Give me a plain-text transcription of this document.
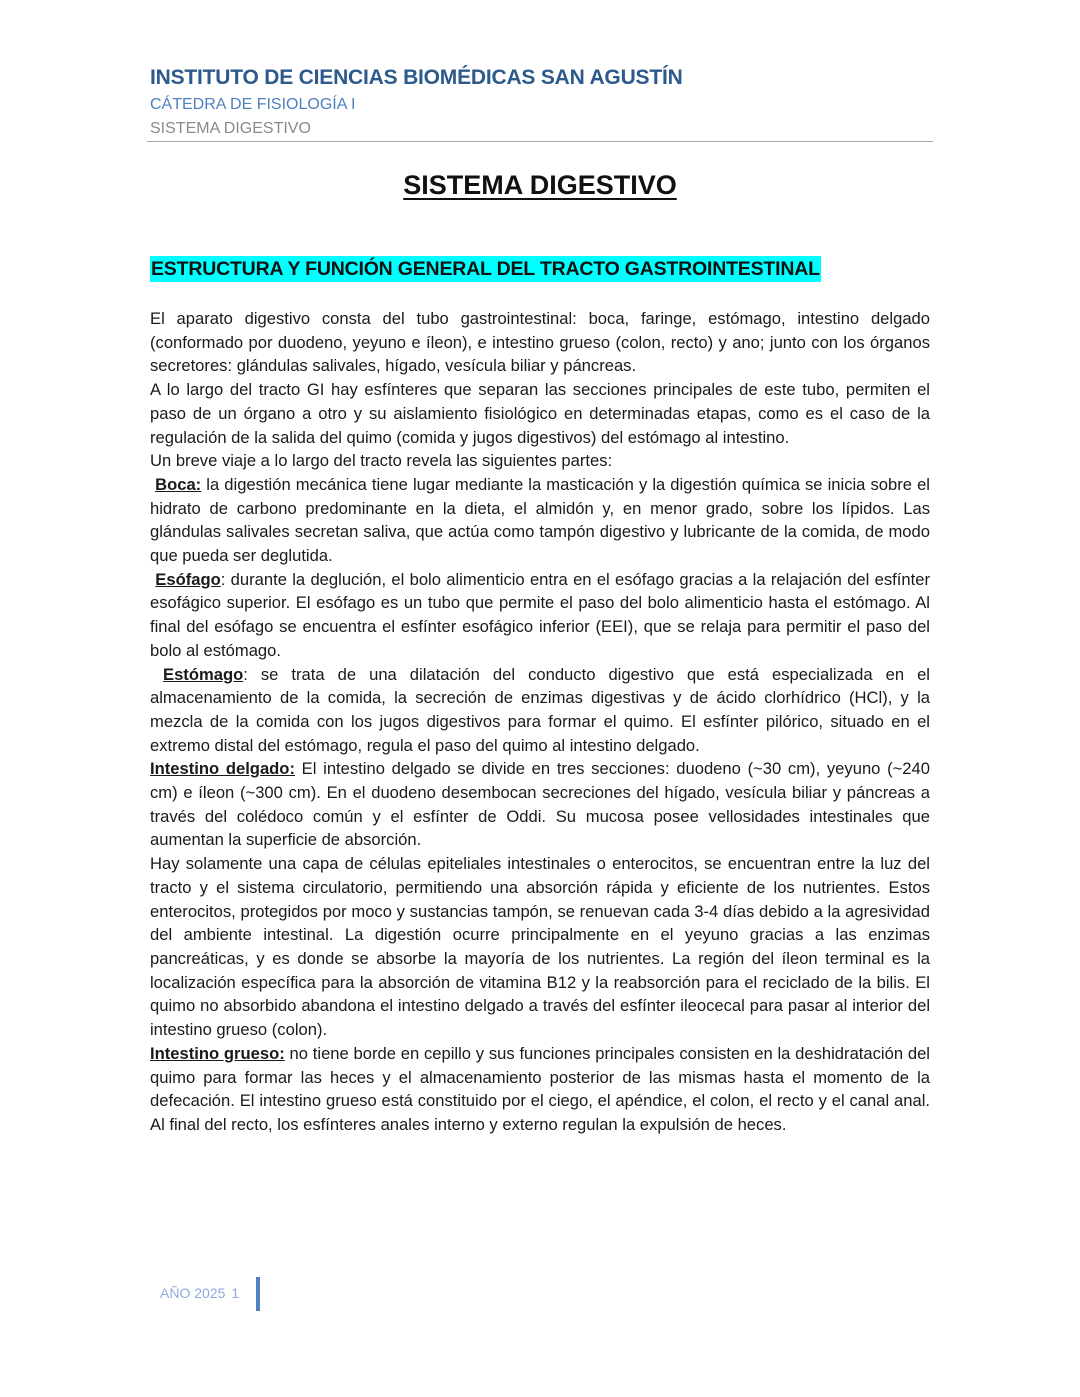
INSTITUTO DE CIENCIAS BIOMÉDICAS SAN AGUSTÍN
CÁTEDRA DE FISIOLOGÍA I
SISTEMA DIGESTIVO
SISTEMA DIGESTIVO
ESTRUCTURA Y FUNCIÓN GENERAL DEL TRACTO GASTROINTESTINAL

El aparato digestivo consta del tubo gastrointestinal: boca, faringe, estómago, intestino delgado (conformado por duodeno, yeyuno e íleon), e intestino grueso (colon, recto) y ano; junto con los órganos secretores: glándulas salivales, hígado, vesícula biliar y páncreas.

A lo largo del tracto GI hay esfínteres que separan las secciones principales de este tubo, permiten el paso de un órgano a otro y su aislamiento fisiológico en determinadas etapas, como es el caso de la regulación de la salida del quimo (comida y jugos digestivos) del estómago al intestino.

Un breve viaje a lo largo del tracto revela las siguientes partes:

Boca: la digestión mecánica tiene lugar mediante la masticación y la digestión química se inicia sobre el hidrato de carbono predominante en la dieta, el almidón y, en menor grado, sobre los lípidos. Las glándulas salivales secretan saliva, que actúa como tampón digestivo y lubricante de la comida, de modo que pueda ser deglutida.

Esófago: durante la deglución, el bolo alimenticio entra en el esófago gracias a la relajación del esfínter esofágico superior. El esófago es un tubo que permite el paso del bolo alimenticio hasta el estómago. Al final del esófago se encuentra el esfínter esofágico inferior (EEI), que se relaja para permitir el paso del bolo al estómago.

Estómago: se trata de una dilatación del conducto digestivo que está especializada en el almacenamiento de la comida, la secreción de enzimas digestivas y de ácido clorhídrico (HCl), y la mezcla de la comida con los jugos digestivos para formar el quimo. El esfínter pilórico, situado en el extremo distal del estómago, regula el paso del quimo al intestino delgado.

Intestino delgado: El intestino delgado se divide en tres secciones: duodeno (~30 cm), yeyuno (~240 cm) e íleon (~300 cm). En el duodeno desembocan secreciones del hígado, vesícula biliar y páncreas a través del colédoco común y el esfínter de Oddi. Su mucosa posee vellosidades intestinales que aumentan la superficie de absorción.

Hay solamente una capa de células epiteliales intestinales o enterocitos, se encuentran entre la luz del tracto y el sistema circulatorio, permitiendo una absorción rápida y eficiente de los nutrientes. Estos enterocitos, protegidos por moco y sustancias tampón, se renuevan cada 3-4 días debido a la agresividad del ambiente intestinal. La digestión ocurre principalmente en el yeyuno gracias a las enzimas pancreáticas, y es donde se absorbe la mayoría de los nutrientes. La región del íleon terminal es la localización específica para la absorción de vitamina B12 y la reabsorción para el reciclado de la bilis. El quimo no absorbido abandona el intestino delgado a través del esfínter ileocecal para pasar al interior del intestino grueso (colon).

Intestino grueso: no tiene borde en cepillo y sus funciones principales consisten en la deshidratación del quimo para formar las heces y el almacenamiento posterior de las mismas hasta el momento de la defecación. El intestino grueso está constituido por el ciego, el apéndice, el colon, el recto y el canal anal. Al final del recto, los esfínteres anales interno y externo regulan la expulsión de heces.

AÑO 2025 1
